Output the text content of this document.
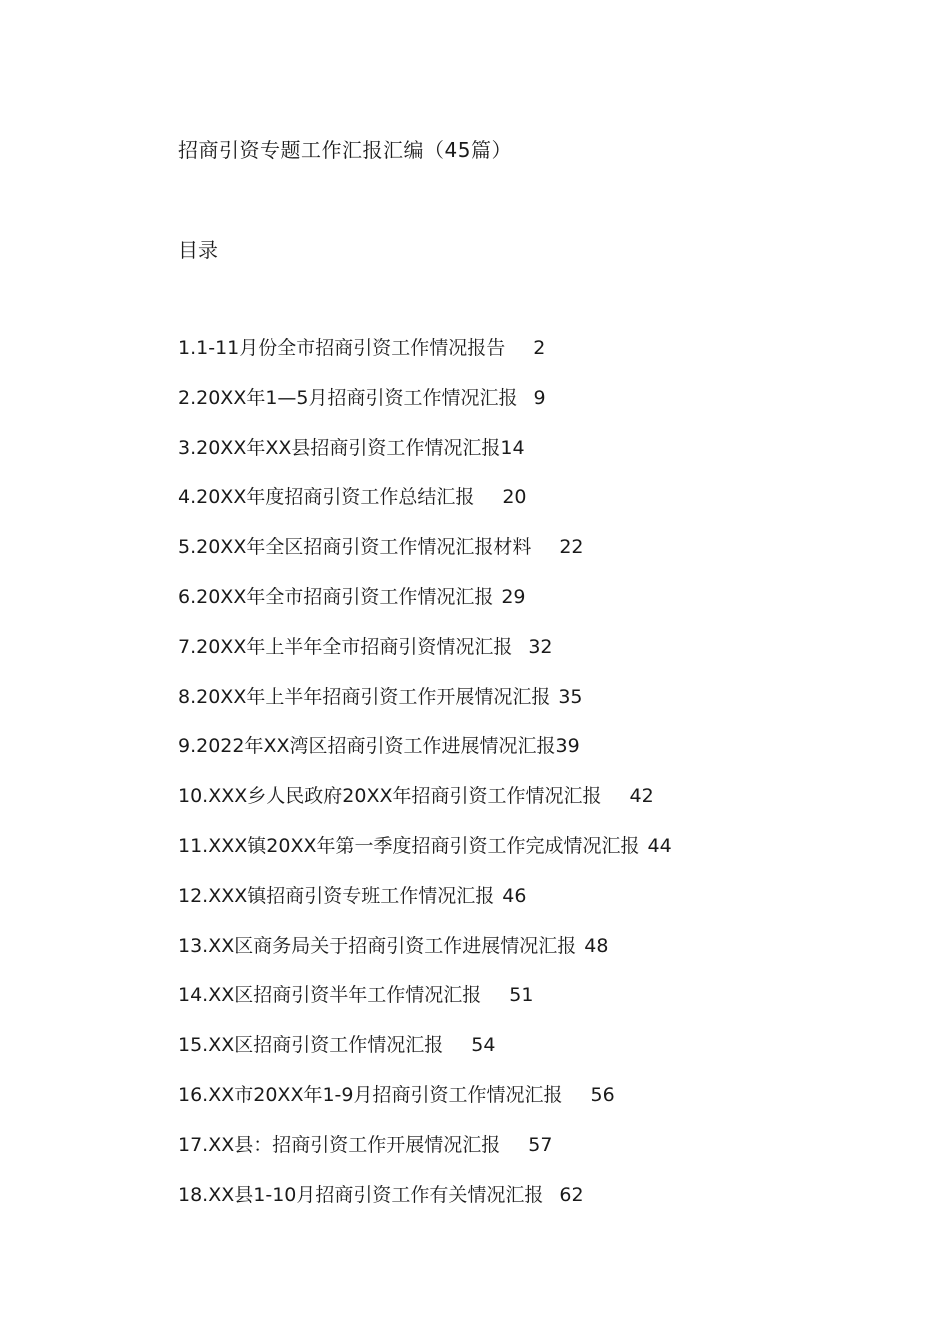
招商引资专题工作汇报汇编（45篇）
目录
1.1-11月份全市招商引资工作情况报告 2
2.20XX年1—5月招商引资工作情况汇报 9
3.20XX年XX县招商引资工作情况汇报 14
4.20XX年度招商引资工作总结汇报 20
5.20XX年全区招商引资工作情况汇报材料 22
6.20XX年全市招商引资工作情况汇报 29
7.20XX年上半年全市招商引资情况汇报 32
8.20XX年上半年招商引资工作开展情况汇报 35
9.2022年XX湾区招商引资工作进展情况汇报 39
10.XXX乡人民政府20XX年招商引资工作情况汇报 42
11.XXX镇20XX年第一季度招商引资工作完成情况汇报 44
12.XXX镇招商引资专班工作情况汇报 46
13.XX区商务局关于招商引资工作进展情况汇报 48
14.XX区招商引资半年工作情况汇报 51
15.XX区招商引资工作情况汇报 54
16.XX市20XX年1-9月招商引资工作情况汇报 56
17.XX县：招商引资工作开展情况汇报 57
18.XX县1-10月招商引资工作有关情况汇报 62
